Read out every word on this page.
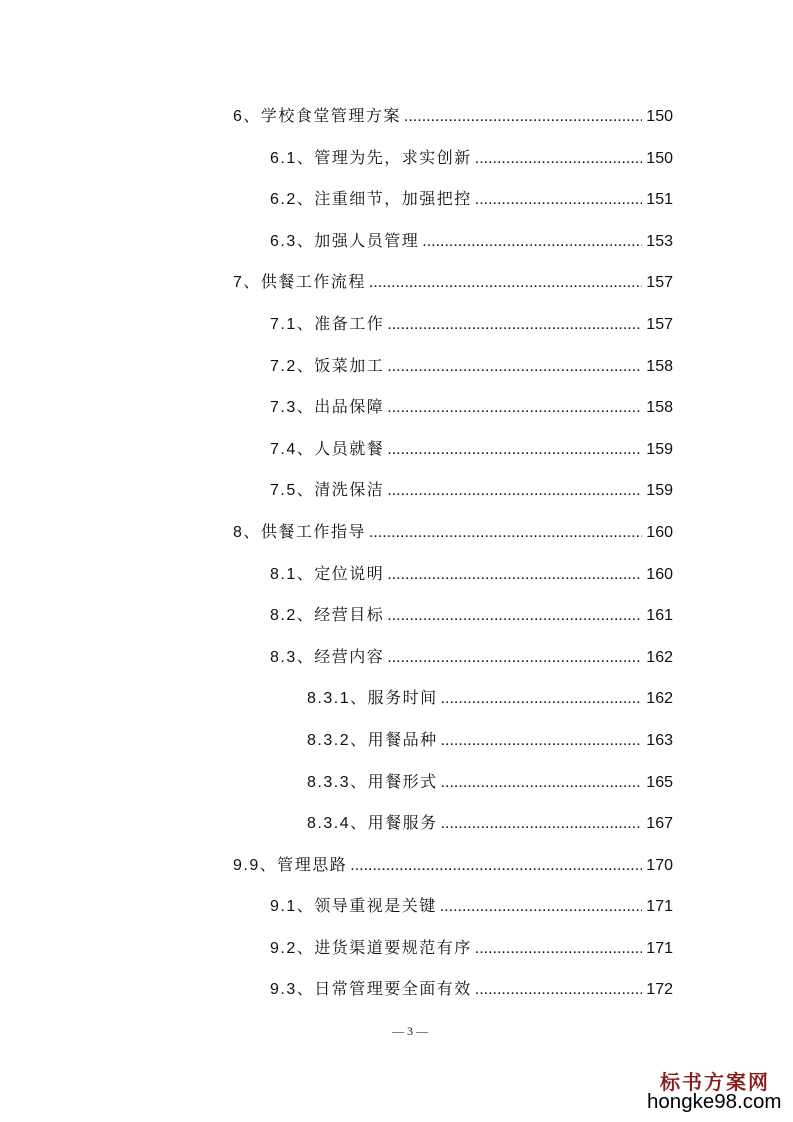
6、学校食堂管理方案 .....	150
6.1、管理为先，求实创新 .....	150
6.2、注重细节，加强把控 .....	151
6.3、加强人员管理 .....	153
7、供餐工作流程 .....	157
7.1、准备工作 .....	157
7.2、饭菜加工 .....	158
7.3、出品保障 .....	158
7.4、人员就餐 .....	159
7.5、清洗保洁 .....	159
8、供餐工作指导 .....	160
8.1、定位说明 .....	160
8.2、经营目标 .....	161
8.3、经营内容 .....	162
8.3.1、服务时间 .....	162
8.3.2、用餐品种 .....	163
8.3.3、用餐形式 .....	165
8.3.4、用餐服务 .....	167
9.9、管理思路 .....	170
9.1、领导重视是关键 .....	171
9.2、进货渠道要规范有序 .....	171
9.3、日常管理要全面有效 .....	172
— 3 —
标书方案网
hongke98.com
